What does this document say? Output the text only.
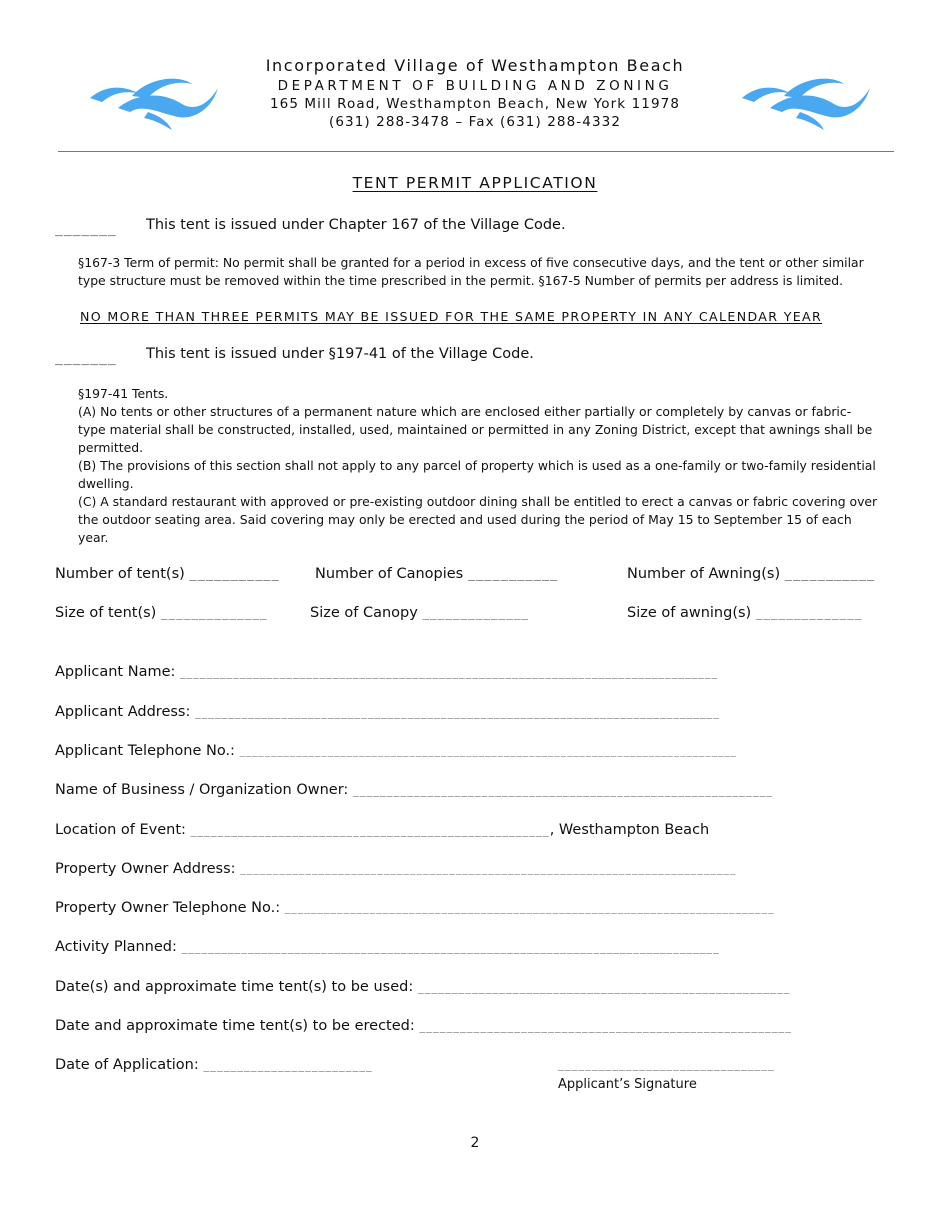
Incorporated Village of Westhampton Beach
DEPARTMENT OF BUILDING AND ZONING
165 Mill Road, Westhampton Beach, New York 11978
(631) 288-3478 – Fax (631) 288-4332
TENT PERMIT APPLICATION
_______ This tent is issued under Chapter 167 of the Village Code.
§167-3 Term of permit: No permit shall be granted for a period in excess of five consecutive days, and the tent or other similar type structure must be removed within the time prescribed in the permit. §167-5 Number of permits per address is limited.
NO MORE THAN THREE PERMITS MAY BE ISSUED FOR THE SAME PROPERTY IN ANY CALENDAR YEAR
_______ This tent is issued under §197-41 of the Village Code.
§197-41 Tents.
(A) No tents or other structures of a permanent nature which are enclosed either partially or completely by canvas or fabric-type material shall be constructed, installed, used, maintained or permitted in any Zoning District, except that awnings shall be permitted.
(B) The provisions of this section shall not apply to any parcel of property which is used as a one-family or two-family residential dwelling.
(C) A standard restaurant with approved or pre-existing outdoor dining shall be entitled to erect a canvas or fabric covering over the outdoor seating area. Said covering may only be erected and used during the period of May 15 to September 15 of each year.
Number of tent(s) ___________ Number of Canopies ___________	Number of Awning(s) ___________
Size of tent(s) ______________	Size of Canopy ______________	Size of awning(s) ______________
Applicant Name: _________________________________________________________________________________
Applicant Address: _______________________________________________________________________________
Applicant Telephone No.: _______________________________________________________________________________
Name of Business / Organization Owner: ______________________________________________________________
Location of Event: _____________________________________________________, Westhampton Beach
Property Owner Address: ____________________________________________________________________________
Property Owner Telephone No.: ___________________________________________________________________________
Activity Planned: _________________________________________________________________________________
Date(s) and approximate time tent(s) to be used: _______________________________________________________
Date and approximate time tent(s) to be erected: _______________________________________________________
Date of Application: _________________________	________________________________
Applicant’s Signature
2
